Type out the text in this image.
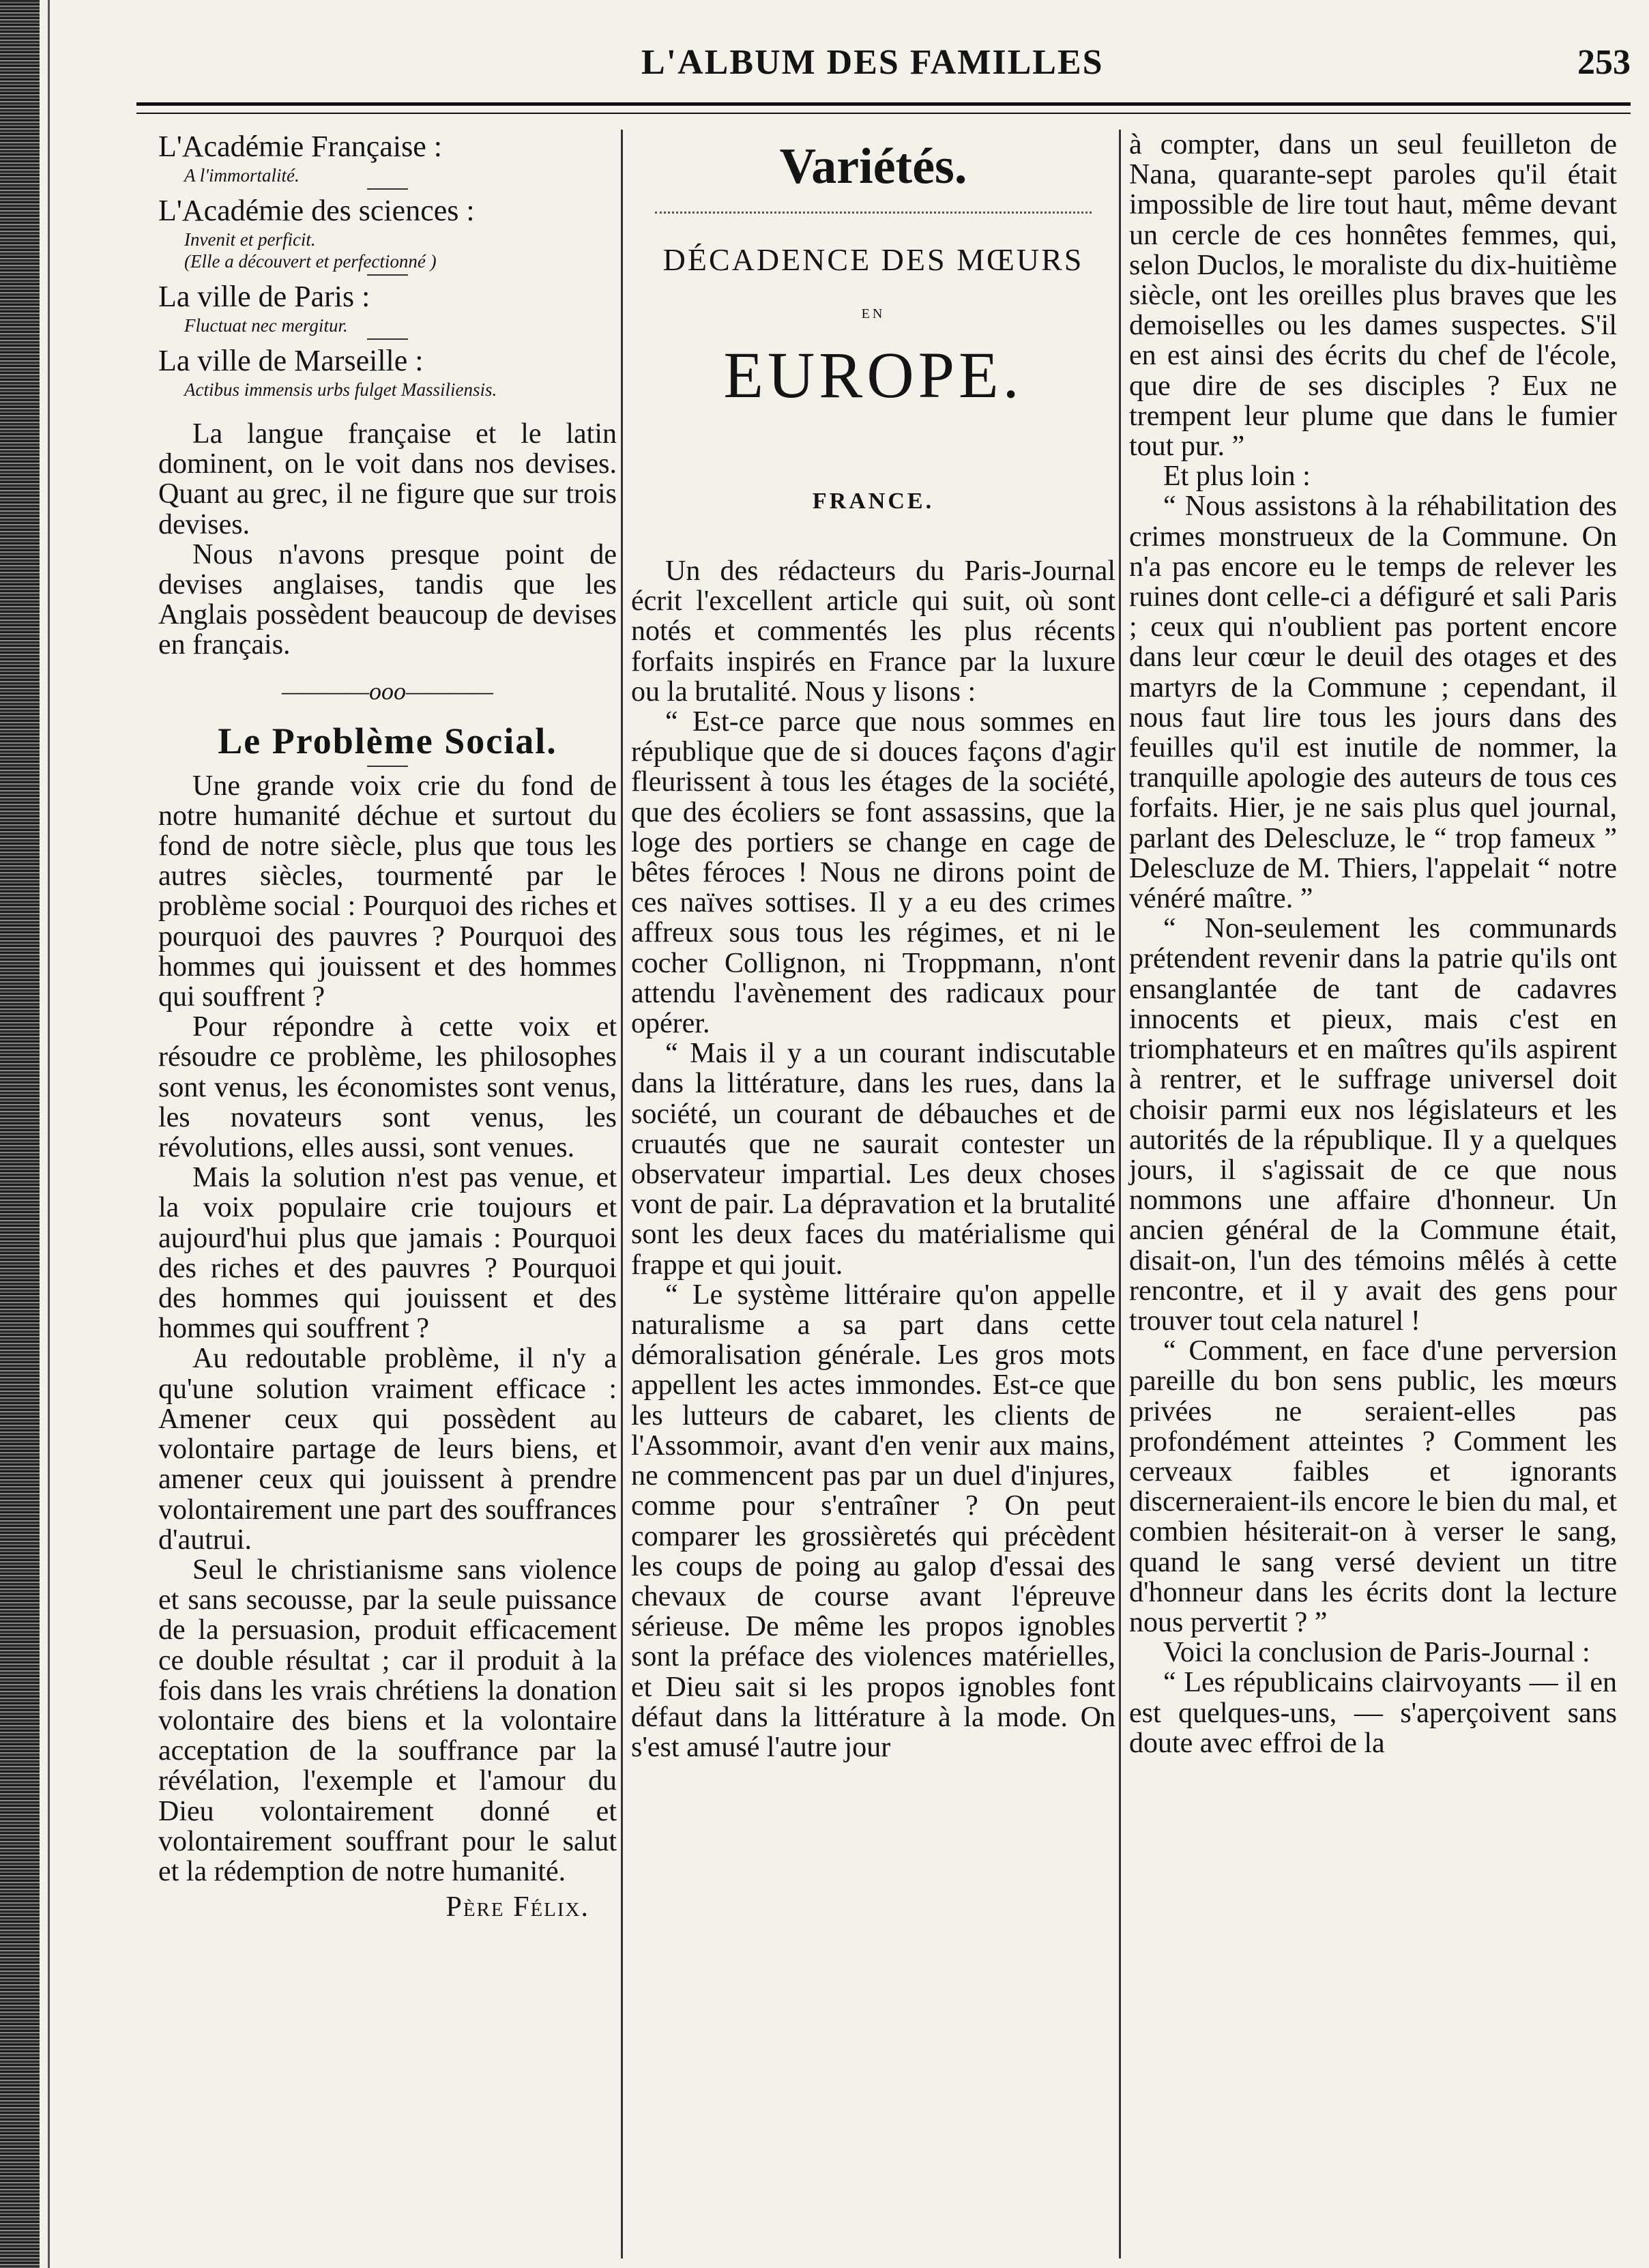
L'ALBUM DES FAMILLES	253
L'Académie Française :
A l'immortalité.
L'Académie des sciences :
Invenit et perficit.
(Elle a découvert et perfectionné )
La ville de Paris :
Fluctuat nec mergitur.
La ville de Marseille :
Actibus immensis urbs fulget Massiliensis.

La langue française et le latin dominent, on le voit dans nos devises. Quant au grec, il ne figure que sur trois devises.

Nous n'avons presque point de devises anglaises, tandis que les Anglais possèdent beaucoup de devises en français.

————ooo————
Le Problème Social.

Une grande voix crie du fond de notre humanité déchue et surtout du fond de notre siècle, plus que tous les autres siècles, tourmenté par le problème social : Pourquoi des riches et pourquoi des pauvres ? Pourquoi des hommes qui jouissent et des hommes qui souffrent ?

Pour répondre à cette voix et résoudre ce problème, les philosophes sont venus, les économistes sont venus, les novateurs sont venus, les révolutions, elles aussi, sont venues.

Mais la solution n'est pas venue, et la voix populaire crie toujours et aujourd'hui plus que jamais : Pourquoi des riches et des pauvres ? Pourquoi des hommes qui jouissent et des hommes qui souffrent ?

Au redoutable problème, il n'y a qu'une solution vraiment efficace : Amener ceux qui possèdent au volontaire partage de leurs biens, et amener ceux qui jouissent à prendre volontairement une part des souffrances d'autrui.

Seul le christianisme sans violence et sans secousse, par la seule puissance de la persuasion, produit efficacement ce double résultat ; car il produit à la fois dans les vrais chrétiens la donation volontaire des biens et la volontaire acceptation de la souffrance par la révélation, l'exemple et l'amour du Dieu volontairement donné et volontairement souffrant pour le salut et la rédemption de notre humanité.

Père Félix.
Variétés.
DÉCADENCE DES MŒURS
EN
EUROPE.
FRANCE.

Un des rédacteurs du Paris-Journal écrit l'excellent article qui suit, où sont notés et commentés les plus récents forfaits inspirés en France par la luxure ou la brutalité. Nous y lisons :

“ Est-ce parce que nous sommes en république que de si douces façons d'agir fleurissent à tous les étages de la société, que des écoliers se font assassins, que la loge des portiers se change en cage de bêtes féroces ! Nous ne dirons point de ces naïves sottises. Il y a eu des crimes affreux sous tous les régimes, et ni le cocher Collignon, ni Troppmann, n'ont attendu l'avènement des radicaux pour opérer.

“ Mais il y a un courant indiscutable dans la littérature, dans les rues, dans la société, un courant de débauches et de cruautés que ne saurait contester un observateur impartial. Les deux choses vont de pair. La dépravation et la brutalité sont les deux faces du matérialisme qui frappe et qui jouit.

“ Le système littéraire qu'on appelle naturalisme a sa part dans cette démoralisation générale. Les gros mots appellent les actes immondes. Est-ce que les lutteurs de cabaret, les clients de l'Assommoir, avant d'en venir aux mains, ne commencent pas par un duel d'injures, comme pour s'entraîner ? On peut comparer les grossièretés qui précèdent les coups de poing au galop d'essai des chevaux de course avant l'épreuve sérieuse. De même les propos ignobles sont la préface des violences matérielles, et Dieu sait si les propos ignobles font défaut dans la littérature à la mode. On s'est amusé l'autre jour

à compter, dans un seul feuilleton de Nana, quarante-sept paroles qu'il était impossible de lire tout haut, même devant un cercle de ces honnêtes femmes, qui, selon Duclos, le moraliste du dix-huitième siècle, ont les oreilles plus braves que les demoiselles ou les dames suspectes. S'il en est ainsi des écrits du chef de l'école, que dire de ses disciples ? Eux ne trempent leur plume que dans le fumier tout pur. ”

Et plus loin :

“ Nous assistons à la réhabilitation des crimes monstrueux de la Commune. On n'a pas encore eu le temps de relever les ruines dont celle-ci a défiguré et sali Paris ; ceux qui n'oublient pas portent encore dans leur cœur le deuil des otages et des martyrs de la Commune ; cependant, il nous faut lire tous les jours dans des feuilles qu'il est inutile de nommer, la tranquille apologie des auteurs de tous ces forfaits. Hier, je ne sais plus quel journal, parlant des Delescluze, le “ trop fameux ” Delescluze de M. Thiers, l'appelait “ notre vénéré maître. ”

“ Non-seulement les communards prétendent revenir dans la patrie qu'ils ont ensanglantée de tant de cadavres innocents et pieux, mais c'est en triomphateurs et en maîtres qu'ils aspirent à rentrer, et le suffrage universel doit choisir parmi eux nos législateurs et les autorités de la république. Il y a quelques jours, il s'agissait de ce que nous nommons une affaire d'honneur. Un ancien général de la Commune était, disait-on, l'un des témoins mêlés à cette rencontre, et il y avait des gens pour trouver tout cela naturel !

“ Comment, en face d'une perversion pareille du bon sens public, les mœurs privées ne seraient-elles pas profondément atteintes ? Comment les cerveaux faibles et ignorants discerneraient-ils encore le bien du mal, et combien hésiterait-on à verser le sang, quand le sang versé devient un titre d'honneur dans les écrits dont la lecture nous pervertit ? ”

Voici la conclusion de Paris-Journal :

“ Les républicains clairvoyants — il en est quelques-uns, — s'aperçoivent sans doute avec effroi de la
